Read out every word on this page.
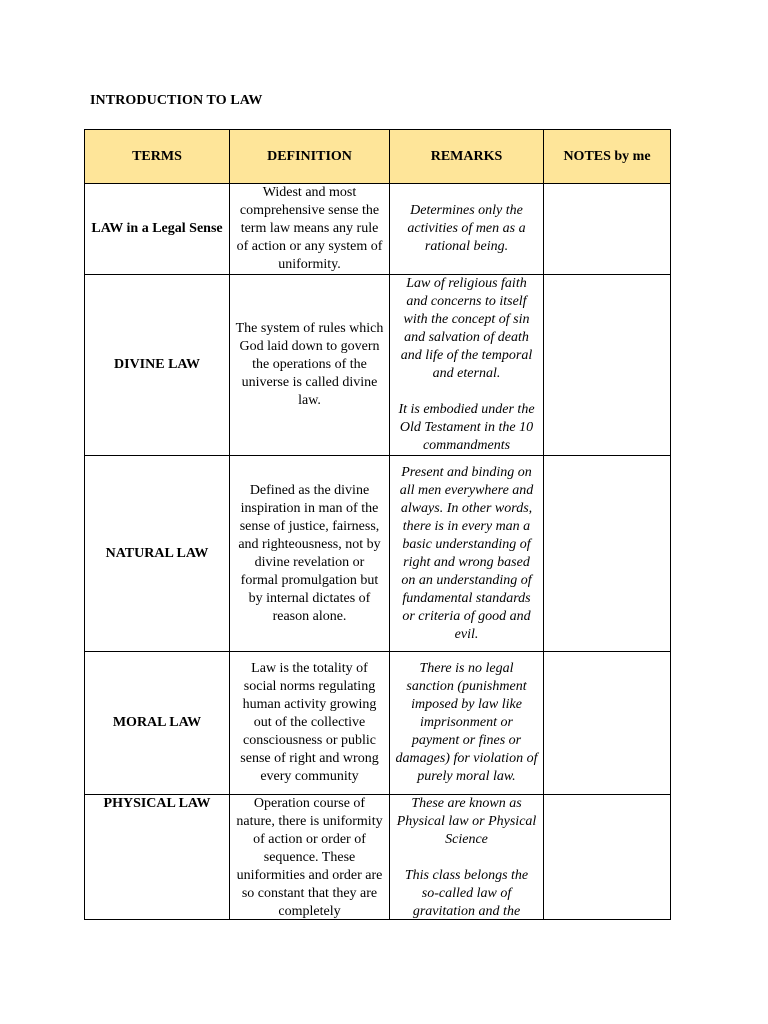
INTRODUCTION TO LAW
TERMS	DEFINITION	REMARKS	NOTES by me
LAW in a Legal Sense	Widest and most comprehensive sense the term law means any rule of action or any system of uniformity.	Determines only the activities of men as a rational being.	

DIVINE LAW	The system of rules which God laid down to govern the operations of the universe is called divine law.	Law of religious faith and concerns to itself with the concept of sin and salvation of death and life of the temporal and eternal.

It is embodied under the Old Testament in the 10 commandments	

NATURAL LAW	Defined as the divine inspiration in man of the sense of justice, fairness, and righteousness, not by divine revelation or formal promulgation but by internal dictates of reason alone.	Present and binding on all men everywhere and always. In other words, there is in every man a basic understanding of right and wrong based on an understanding of fundamental standards or criteria of good and evil.	

MORAL LAW	Law is the totality of social norms regulating human activity growing out of the collective consciousness or public sense of right and wrong every community	There is no legal sanction (punishment imposed by law like imprisonment or payment or fines or damages) for violation of purely moral law.	

PHYSICAL LAW	Operation course of nature, there is uniformity of action or order of sequence. These uniformities and order are so constant that they are completely	These are known as Physical law or Physical Science

This class belongs the so-called law of gravitation and the	
